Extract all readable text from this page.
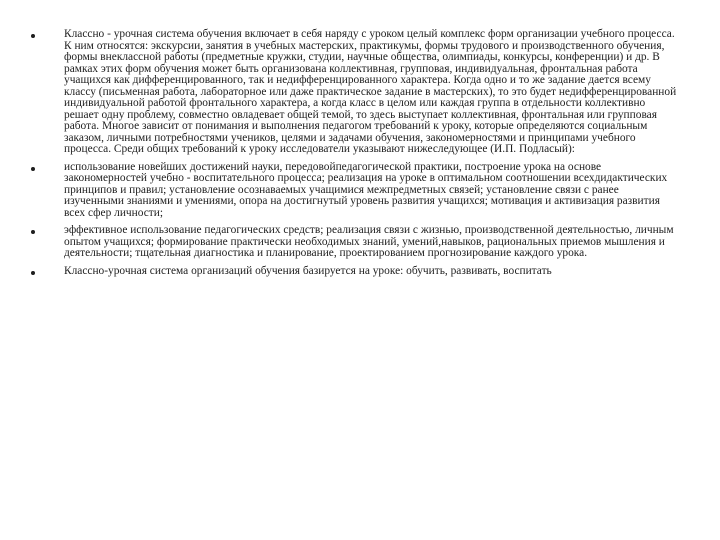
Классно - урочная система обучения включает в себя наряду с уроком целый комплекс форм организации учебного процесса. К ним относятся: экскурсии, занятия в учебных мастерских, практикумы, формы трудового и производственного обучения, формы внеклассной работы (предметные кружки, студии, научные общества, олимпиады, конкурсы, конференции) и др. В рамках этих форм обучения может быть организована коллективная, групповая, индивидуальная, фронтальная работа учащихся как дифференцированного, так и недифференцированного характера. Когда одно и то же задание дается всему классу (письменная работа, лабораторное или даже практическое задание в мастерских), то это будет недифференцированной индивидуальной работой фронтального характера, а когда класс в целом или каждая группа в отдельности коллективно решает одну проблему, совместно овладевает общей темой, то здесь выступает коллективная, фронтальная или групповая работа. Многое зависит от понимания и выполнения педагогом требований к уроку, которые определяются социальным заказом, личными потребностями учеников, целями и задачами обучения, закономерностями и принципами учебного процесса. Среди общих требований к уроку исследователи указывают нижеследующее (И.П. Подласый):
использование новейших достижений науки, передовойпедагогической практики, построение урока на основе закономерностей учебно - воспитательного процесса; реализация на уроке в оптимальном соотношении всехдидактических принципов и правил; установление осознаваемых учащимися межпредметных связей; установление связи с ранее изученными знаниями и умениями, опора на достигнутый уровень развития учащихся; мотивация и активизация развития всех сфер личности;
эффективное использование педагогических средств; реализация связи с жизнью, производственной деятельностью, личным опытом учащихся; формирование практически необходимых знаний, умений,навыков, рациональных приемов мышления и деятельности; тщательная диагностика и планирование, проектированием прогнозирование каждого урока.
Классно-урочная система организаций обучения базируется на уроке: обучить, развивать, воспитать
